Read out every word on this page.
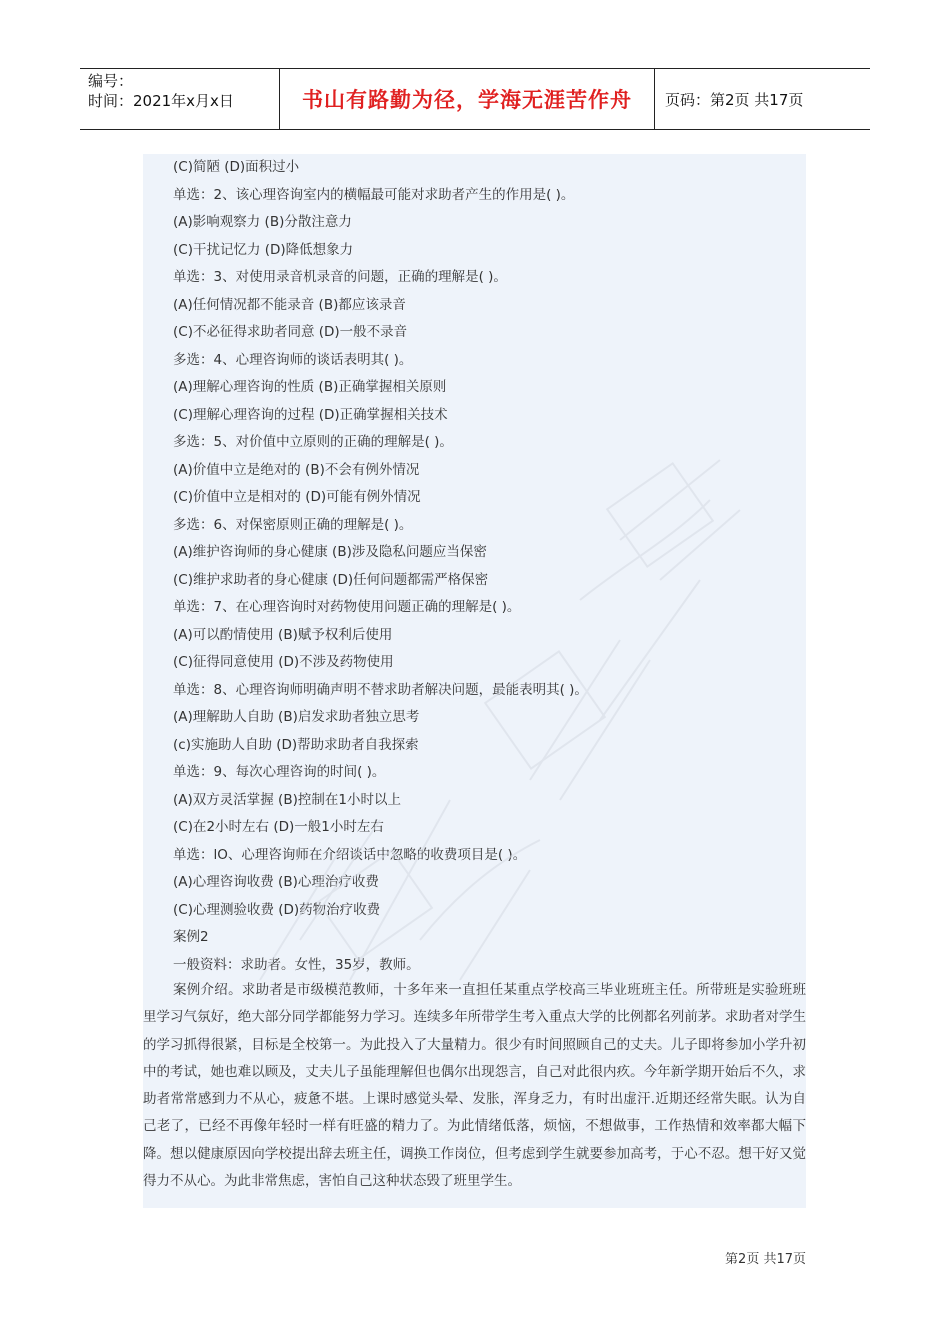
编号：
时间：2021年x月x日	书山有路勤为径，学海无涯苦作舟	页码：第2页 共17页
(C)简陋 (D)面积过小
单选：2、该心理咨询室内的横幅最可能对求助者产生的作用是( )。
(A)影响观察力 (B)分散注意力
(C)干扰记忆力 (D)降低想象力
单选：3、对使用录音机录音的问题，正确的理解是( )。
(A)任何情况都不能录音 (B)都应该录音
(C)不必征得求助者同意 (D)一般不录音
多选：4、心理咨询师的谈话表明其( )。
(A)理解心理咨询的性质 (B)正确掌握相关原则
(C)理解心理咨询的过程 (D)正确掌握相关技术
多选：5、对价值中立原则的正确的理解是( )。
(A)价值中立是绝对的 (B)不会有例外情况
(C)价值中立是相对的 (D)可能有例外情况
多选：6、对保密原则正确的理解是( )。
(A)维护咨询师的身心健康 (B)涉及隐私问题应当保密
(C)维护求助者的身心健康 (D)任何问题都需严格保密
单选：7、在心理咨询时对药物使用问题正确的理解是( )。
(A)可以酌情使用 (B)赋予权利后使用
(C)征得同意使用 (D)不涉及药物使用
单选：8、心理咨询师明确声明不替求助者解决问题，最能表明其( )。
(A)理解助人自助 (B)启发求助者独立思考
(c)实施助人自助 (D)帮助求助者自我探索
单选：9、每次心理咨询的时间( )。
(A)双方灵活掌握 (B)控制在1小时以上
(C)在2小时左右 (D)一般1小时左右
单选：lO、心理咨询师在介绍谈话中忽略的收费项目是( )。
(A)心理咨询收费 (B)心理治疗收费
(C)心理测验收费 (D)药物治疗收费
案例2
一般资料：求助者。女性，35岁，教师。

案例介绍。求助者是市级模范教师，十多年来一直担任某重点学校高三毕业班班主任。所带班是实验班班里学习气氛好，绝大部分同学都能努力学习。连续多年所带学生考入重点大学的比例都名列前茅。求助者对学生的学习抓得很紧，目标是全校第一。为此投入了大量精力。很少有时间照顾自己的丈夫。儿子即将参加小学升初中的考试，她也难以顾及，丈夫儿子虽能理解但也偶尔出现怨言，自己对此很内疚。今年新学期开始后不久，求助者常常感到力不从心，疲惫不堪。上课时感觉头晕、发胀，浑身乏力，有时出虚汗.近期还经常失眠。认为自己老了，已经不再像年轻时一样有旺盛的精力了。为此情绪低落，烦恼，不想做事，工作热情和效率都大幅下降。想以健康原因向学校提出辞去班主任，调换工作岗位，但考虑到学生就要参加高考，于心不忍。想干好又觉得力不从心。为此非常焦虑，害怕自己这种状态毁了班里学生。

第2页 共17页
